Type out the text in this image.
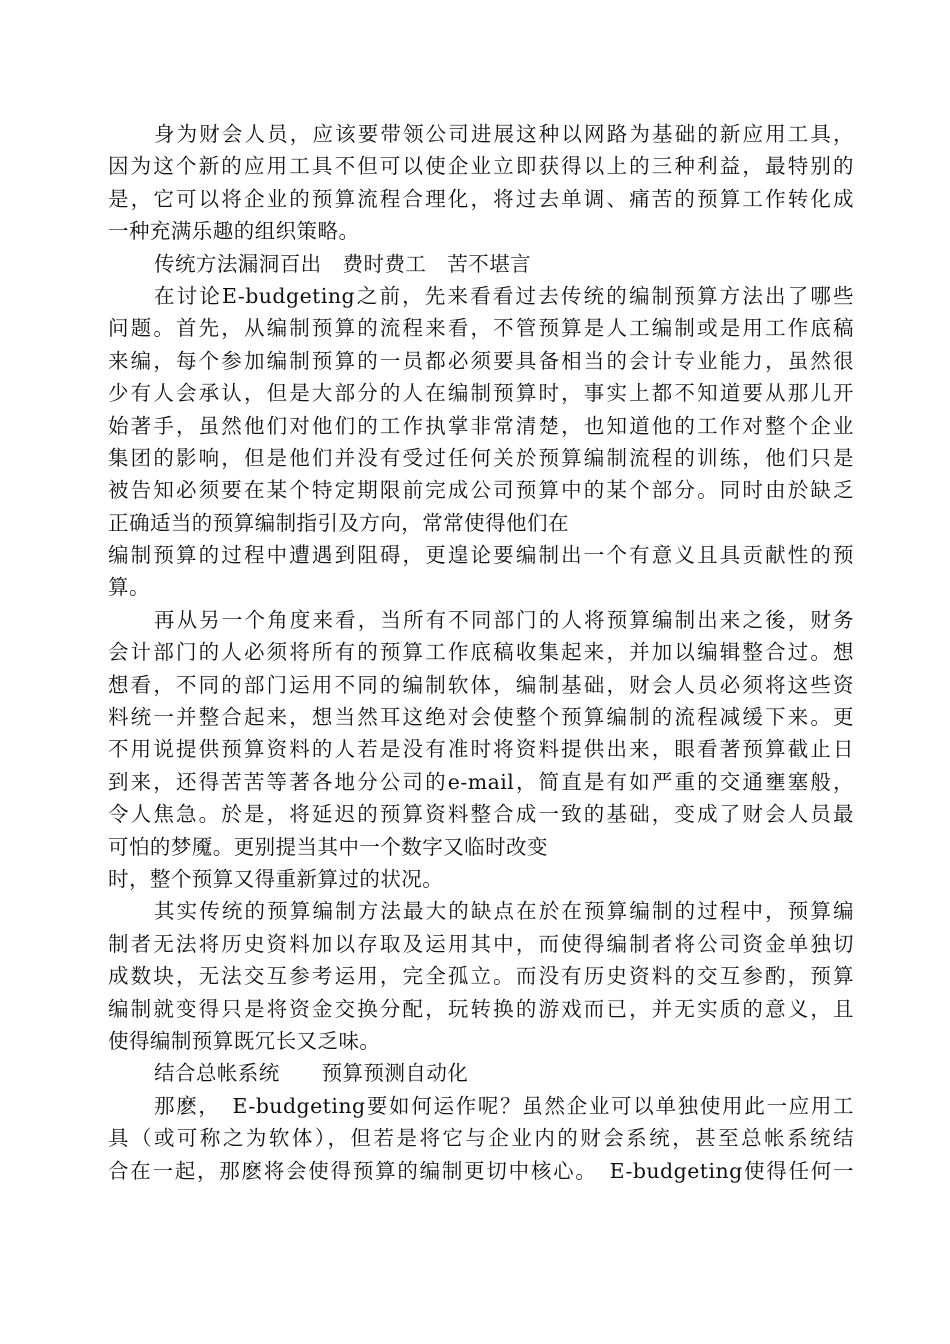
身为财会人员，应该要带领公司进展这种以网路为基础的新应用工具，
因为这个新的应用工具不但可以使企业立即获得以上的三种利益，最特别的
是，它可以将企业的预算流程合理化，将过去单调、痛苦的预算工作转化成
一种充满乐趣的组织策略。
传统方法漏洞百出　费时费工　苦不堪言
在讨论E-budgeting之前，先来看看过去传统的编制预算方法出了哪些
问题。首先，从编制预算的流程来看，不管预算是人工编制或是用工作底稿
来编，每个参加编制预算的一员都必须要具备相当的会计专业能力，虽然很
少有人会承认，但是大部分的人在编制预算时，事实上都不知道要从那儿开
始著手，虽然他们对他们的工作执掌非常清楚，也知道他的工作对整个企业
集团的影响，但是他们并没有受过任何关於预算编制流程的训练，他们只是
被告知必须要在某个特定期限前完成公司预算中的某个部分。同时由於缺乏
正确适当的预算编制指引及方向，常常使得他们在
编制预算的过程中遭遇到阻碍，更遑论要编制出一个有意义且具贡献性的预
算。
再从另一个角度来看，当所有不同部门的人将预算编制出来之後，财务
会计部门的人必须将所有的预算工作底稿收集起来，并加以编辑整合过。想
想看，不同的部门运用不同的编制软体，编制基础，财会人员必须将这些资
料统一并整合起来，想当然耳这绝对会使整个预算编制的流程减缓下来。更
不用说提供预算资料的人若是没有准时将资料提供出来，眼看著预算截止日
到来，还得苦苦等著各地分公司的e-mail，简直是有如严重的交通壅塞般，
令人焦急。於是，将延迟的预算资料整合成一致的基础，变成了财会人员最
可怕的梦魇。更别提当其中一个数字又临时改变
时，整个预算又得重新算过的状况。
其实传统的预算编制方法最大的缺点在於在预算编制的过程中，预算编
制者无法将历史资料加以存取及运用其中，而使得编制者将公司资金单独切
成数块，无法交互参考运用，完全孤立。而没有历史资料的交互参酌，预算
编制就变得只是将资金交换分配，玩转换的游戏而已，并无实质的意义，且
使得编制预算既冗长又乏味。
结合总帐系统　　预算预测自动化
那麽，　E-budgeting要如何运作呢？虽然企业可以单独使用此一应用工
具（或可称之为软体），但若是将它与企业内的财会系统，甚至总帐系统结
合在一起，那麽将会使得预算的编制更切中核心。　E-budgeting使得任何一
